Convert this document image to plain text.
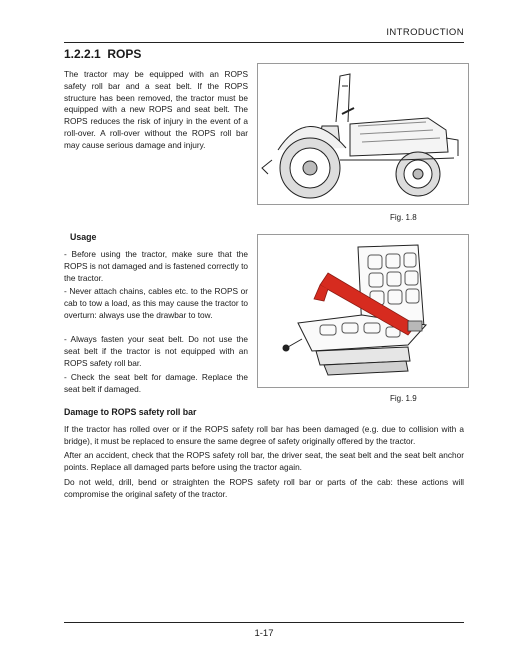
INTRODUCTION
1.2.2.1 ROPS

The tractor may be equipped with an ROPS safety roll bar and a seat belt. If the ROPS structure has been removed, the tractor must be equipped with a new ROPS and seat belt. The ROPS reduces the risk of injury in the event of a roll-over. A roll-over without the ROPS roll bar may cause serious damage and injury.

Fig. 1.8
Usage

- Before using the tractor, make sure that the ROPS is not damaged and is fastened correctly to the tractor.

- Never attach chains, cables etc. to the ROPS or cab to tow a load, as this may cause the tractor to overturn: always use the drawbar to tow.

- Always fasten your seat belt. Do not use the seat belt if the tractor is not equipped with an ROPS safety roll bar.

- Check the seat belt for damage. Replace the seat belt if damaged.

Fig. 1.9
Damage to ROPS safety roll bar

If the tractor has rolled over or if the ROPS safety roll bar has been damaged (e.g. due to collision with a bridge), it must be replaced to ensure the same degree of safety originally offered by the tractor.

After an accident, check that the ROPS safety roll bar, the driver seat, the seat belt and the seat belt anchor points. Replace all damaged parts before using the tractor again.

Do not weld, drill, bend or straighten the ROPS safety roll bar or parts of the cab: these actions will compromise the original safety of the tractor.

1-17
